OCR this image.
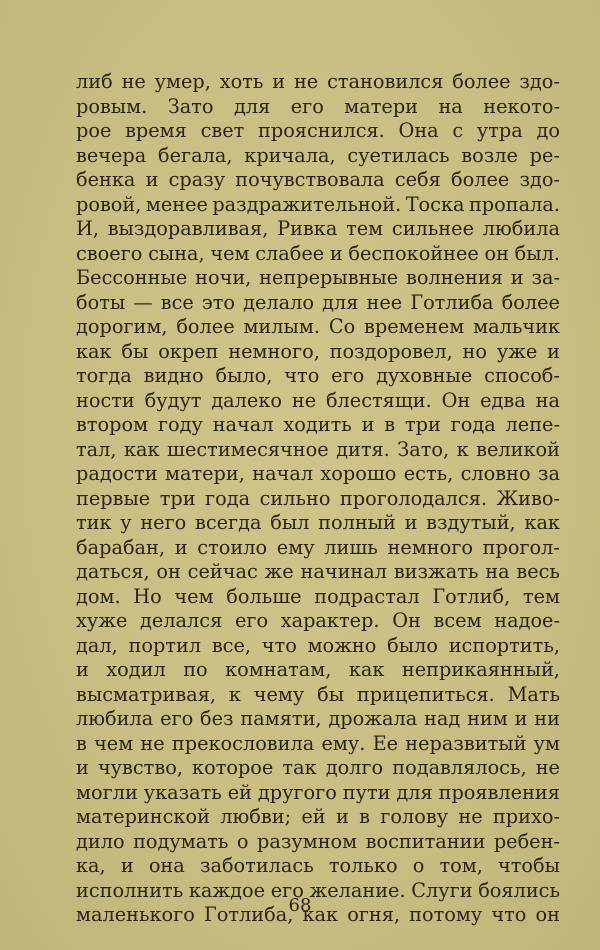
либ не умер, хоть и не становился более здо-
ровым. Зато для его матери на некото-
рое время свет прояснился. Она с утра до
вечера бегала, кричала, суетилась возле ре-
бенка и сразу почувствовала себя более здо-
ровой, менее раздражительной. Тоска пропала.
И, выздоравливая, Ривка тем сильнее любила
своего сына, чем слабее и беспокойнее он был.
Бессонные ночи, непрерывные волнения и за-
боты — все это делало для нее Готлиба более
дорогим, более милым. Со временем мальчик
как бы окреп немного, поздоровел, но уже и
тогда видно было, что его духовные способ-
ности будут далеко не блестящи. Он едва на
втором году начал ходить и в три года лепе-
тал, как шестимесячное дитя. Зато, к великой
радости матери, начал хорошо есть, словно за
первые три года сильно проголодался. Живо-
тик у него всегда был полный и вздутый, как
барабан, и стоило ему лишь немного прогол-
даться, он сейчас же начинал визжать на весь
дом. Но чем больше подрастал Готлиб, тем
хуже делался его характер. Он всем надое-
дал, портил все, что можно было испортить,
и ходил по комнатам, как неприкаянный,
высматривая, к чему бы прицепиться. Мать
любила его без памяти, дрожала над ним и ни
в чем не прекословила ему. Ее неразвитый ум
и чувство, которое так долго подавлялось, не
могли указать ей другого пути для проявления
материнской любви; ей и в голову не прихо-
дило подумать о разумном воспитании ребен-
ка, и она заботилась только о том, чтобы
исполнить каждое его желание. Слуги боялись
маленького Готлиба, как огня, потому что он
68
